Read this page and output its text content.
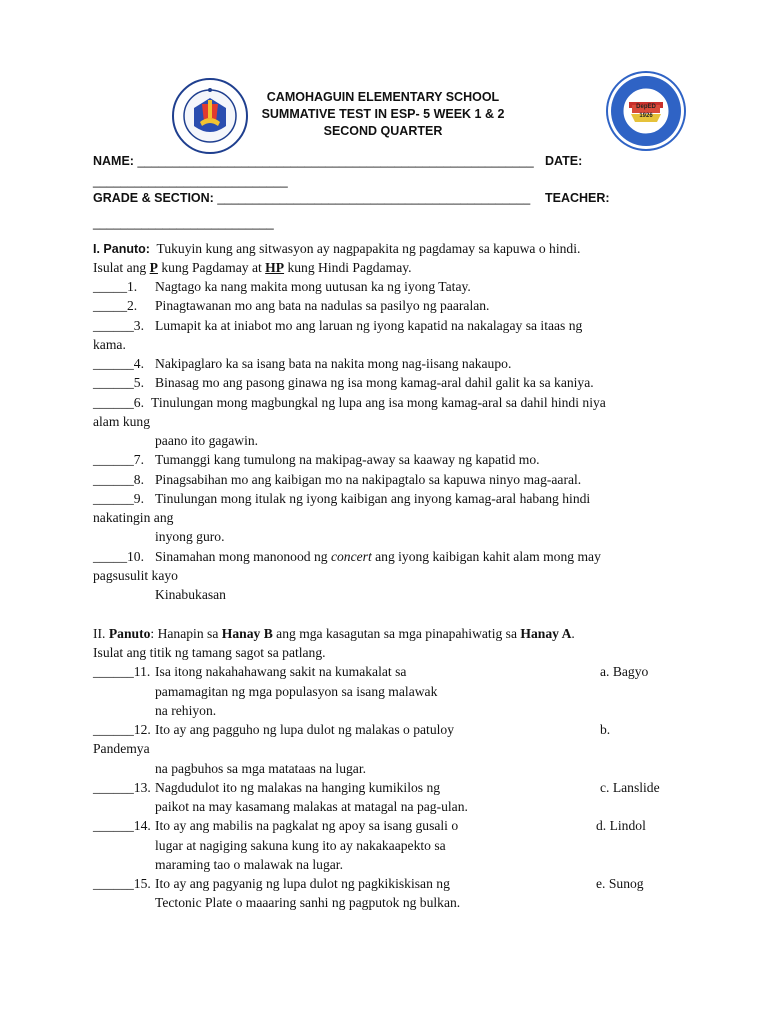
DepED
1926
CAMOHAGUIN ELEMENTARY SCHOOL
SUMMATIVE TEST IN ESP- 5 WEEK 1 & 2
SECOND QUARTER
NAME: _________________________________________________________ DATE:
____________________________
GRADE & SECTION: _____________________________________________ TEACHER:
__________________________
I. Panuto: Tukuyin kung ang sitwasyon ay nagpapakita ng pagdamay sa kapuwa o hindi.
Isulat ang P kung Pagdamay at HP kung Hindi Pagdamay.
_____1. Nagtago ka nang makita mong uutusan ka ng iyong Tatay.
_____2. Pinagtawanan mo ang bata na nadulas sa pasilyo ng paaralan.
______3. Lumapit ka at iniabot mo ang laruan ng iyong kapatid na nakalagay sa itaas ng
kama.
______4. Nakipaglaro ka sa isang bata na nakita mong nag-iisang nakaupo.
______5. Binasag mo ang pasong ginawa ng isa mong kamag-aral dahil galit ka sa kaniya.
______6. Tinulungan mong magbungkal ng lupa ang isa mong kamag-aral sa dahil hindi niya
alam kung
paano ito gagawin.
______7. Tumanggi kang tumulong na makipag-away sa kaaway ng kapatid mo.
______8. Pinagsabihan mo ang kaibigan mo na nakipagtalo sa kapuwa ninyo mag-aaral.
______9. Tinulungan mong itulak ng iyong kaibigan ang inyong kamag-aral habang hindi
nakatingin ang
inyong guro.
_____10. Sinamahan mong manonood ng concert ang iyong kaibigan kahit alam mong may
pagsusulit kayo
Kinabukasan
II. Panuto: Hanapin sa Hanay B ang mga kasagutan sa mga pinapahiwatig sa Hanay A.
Isulat ang titik ng tamang sagot sa patlang.
______11. Isa itong nakahahawang sakit na kumakalat sa	a. Bagyo
pamamagitan ng mga populasyon sa isang malawak
na rehiyon.
______12. Ito ay ang pagguho ng lupa dulot ng malakas o patuloy	b.
Pandemya
na pagbuhos sa mga matataas na lugar.
______13. Nagdudulot ito ng malakas na hanging kumikilos ng	c. Lanslide
paikot na may kasamang malakas at matagal na pag-ulan.
______14. Ito ay ang mabilis na pagkalat ng apoy sa isang gusali o	d. Lindol
lugar at nagiging sakuna kung ito ay nakakaapekto sa
maraming tao o malawak na lugar.
______15. Ito ay ang pagyanig ng lupa dulot ng pagkikiskisan ng	e. Sunog
Tectonic Plate o maaaring sanhi ng pagputok ng bulkan.
